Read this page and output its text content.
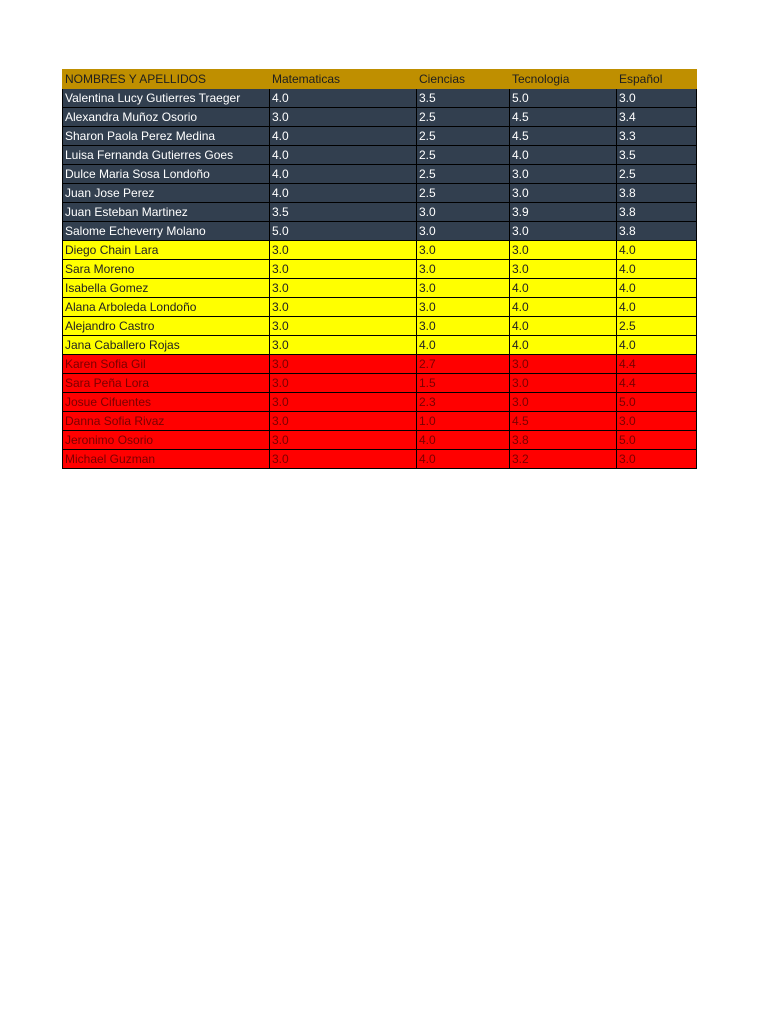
NOMBRES Y APELLIDOS	Matematicas	Ciencias	Tecnologia	Español
Valentina Lucy Gutierres Traeger	4.0	3.5	5.0	3.0
Alexandra Muñoz Osorio	3.0	2.5	4.5	3.4
Sharon Paola Perez Medina	4.0	2.5	4.5	3.3
Luisa Fernanda Gutierres Goes	4.0	2.5	4.0	3.5
Dulce Maria Sosa Londoño	4.0	2.5	3.0	2.5
Juan Jose Perez	4.0	2.5	3.0	3.8
Juan Esteban Martinez	3.5	3.0	3.9	3.8
Salome Echeverry Molano	5.0	3.0	3.0	3.8
Diego Chain Lara	3.0	3.0	3.0	4.0
Sara Moreno	3.0	3.0	3.0	4.0
Isabella Gomez	3.0	3.0	4.0	4.0
Alana Arboleda Londoño	3.0	3.0	4.0	4.0
Alejandro Castro	3.0	3.0	4.0	2.5
Jana Caballero Rojas	3.0	4.0	4.0	4.0
Karen Sofia Gil	3.0	2.7	3.0	4.4
Sara Peña Lora	3.0	1.5	3.0	4.4
Josue Cifuentes	3.0	2.3	3.0	5.0
Danna Sofia Rivaz	3.0	1.0	4.5	3.0
Jeronimo Osorio	3.0	4.0	3.8	5.0
Michael Guzman	3.0	4.0	3.2	3.0
